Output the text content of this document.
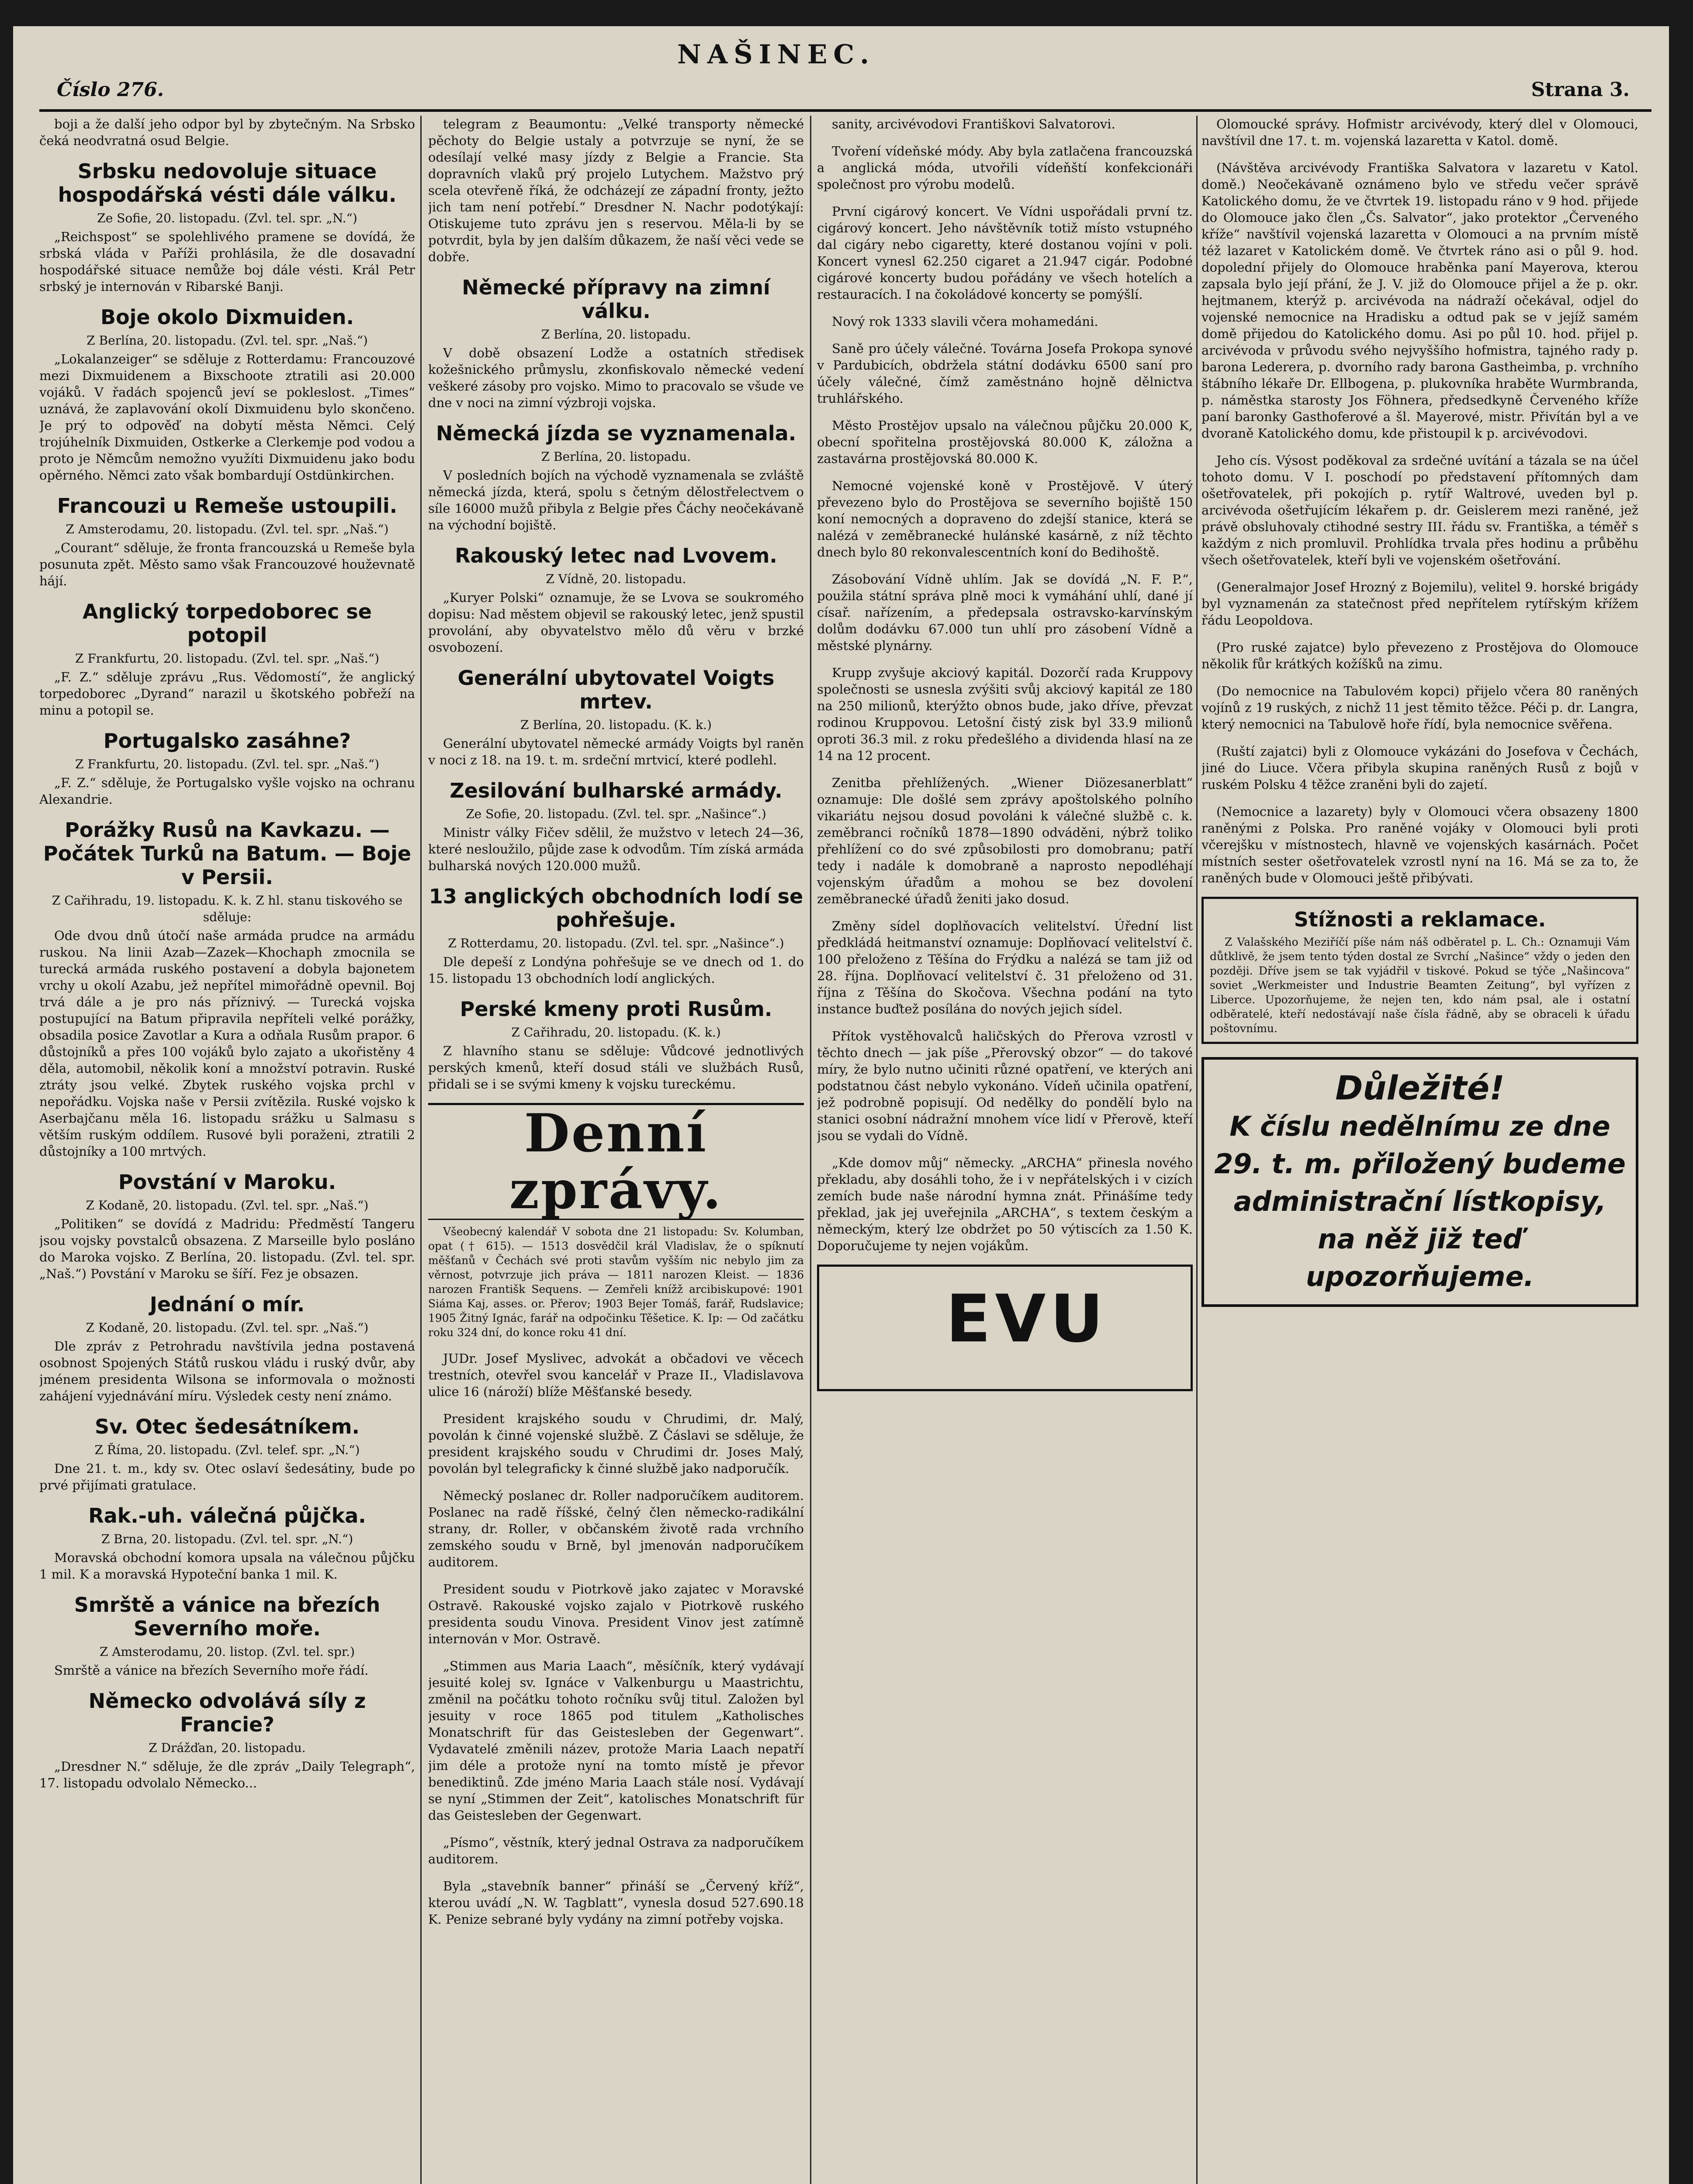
Číslo 276.
NAŠINEC.
Strana 3.

boji a že další jeho odpor byl by zbytečným. Na Srbsko čeká neodvratná osud Belgie.

Srbsku nedovoluje situace hospodářská vésti dále válku.
Ze Sofie, 20. listopadu. (Zvl. tel. spr. „N.“)

„Reichspost“ se spolehlivého pramene se dovídá, že srbská vláda v Paříži prohlásila, že dle dosavadní hospodářské situace nemůže boj dále vésti. Král Petr srbský je internován v Ribarské Banji.

Boje okolo Dixmuiden.
Z Berlína, 20. listopadu. (Zvl. tel. spr. „Naš.“)

„Lokalanzeiger“ se sděluje z Rotterdamu: Francouzové mezi Dixmuidenem a Bixschoote ztratili asi 20.000 vojáků. V řadách spojenců jeví se pokleslost. „Times“ uznává, že zaplavování okolí Dixmuidenu bylo skončeno. Je prý to odpověď na dobytí města Němci. Celý trojúhelník Dixmuiden, Ostkerke a Clerkemje pod vodou a proto je Němcům nemožno využíti Dixmuidenu jako bodu opěrného. Němci zato však bombardují Ostdünkirchen.

Francouzi u Remeše ustoupili.
Z Amsterodamu, 20. listopadu. (Zvl. tel. spr. „Naš.“)

„Courant“ sděluje, že fronta francouzská u Remeše byla posunuta zpět. Město samo však Francouzové houževnatě hájí.

Anglický torpedoborec se potopil
Z Frankfurtu, 20. listopadu. (Zvl. tel. spr. „Naš.“)

„F. Z.“ sděluje zprávu „Rus. Vědomostí“, že anglický torpedoborec „Dyrand“ narazil u škotského pobřeží na minu a potopil se.

Portugalsko zasáhne?
Z Frankfurtu, 20. listopadu. (Zvl. tel. spr. „Naš.“)

„F. Z.“ sděluje, že Portugalsko vyšle vojsko na ochranu Alexandrie.

Porážky Rusů na Kavkazu. — Počátek Turků na Batum. — Boje v Persii.
Z Cařihradu, 19. listopadu. K. k. Z hl. stanu tiskového se sděluje:

Ode dvou dnů útočí naše armáda prudce na armádu ruskou. Na linii Azab—Zazek—Khochaph zmocnila se turecká armáda ruského postavení a dobyla bajonetem vrchy u okolí Azabu, jež nepřítel mimořádně opevnil. Boj trvá dále a je pro nás příznivý. — Turecká vojska postupující na Batum připravila nepříteli velké porážky, obsadila posice Zavotlar a Kura a odňala Rusům prapor. 6 důstojníků a přes 100 vojáků bylo zajato a ukořistěny 4 děla, automobil, několik koní a množství potravin. Ruské ztráty jsou velké. Zbytek ruského vojska prchl v nepořádku. Vojska naše v Persii zvítězila. Ruské vojsko k Aserbajčanu měla 16. listopadu srážku u Salmasu s větším ruským oddílem. Rusové byli poraženi, ztratili 2 důstojníky a 100 mrtvých.

Povstání v Maroku.
Z Kodaně, 20. listopadu. (Zvl. tel. spr. „Naš.“)

„Politiken“ se dovídá z Madridu: Předměstí Tangeru jsou vojsky povstalců obsazena. Z Marseille bylo posláno do Maroka vojsko. Z Berlína, 20. listopadu. (Zvl. tel. spr. „Naš.“) Povstání v Maroku se šíří. Fez je obsazen.

Jednání o mír.
Z Kodaně, 20. listopadu. (Zvl. tel. spr. „Naš.“)

Dle zpráv z Petrohradu navštívila jedna postavená osobnost Spojených Států ruskou vládu i ruský dvůr, aby jménem presidenta Wilsona se informovala o možnosti zahájení vyjednávání míru. Výsledek cesty není známo.

Sv. Otec šedesátníkem.
Z Říma, 20. listopadu. (Zvl. telef. spr. „N.“)

Dne 21. t. m., kdy sv. Otec oslaví šedesátiny, bude po prvé přijímati gratulace.

Rak.-uh. válečná půjčka.
Z Brna, 20. listopadu. (Zvl. tel. spr. „N.“)

Moravská obchodní komora upsala na válečnou půjčku 1 mil. K a moravská Hypoteční banka 1 mil. K.

Smrště a vánice na březích Severního moře.
Z Amsterodamu, 20. listop. (Zvl. tel. spr.)

Smrště a vánice na březích Severního moře řádí.

Německo odvolává síly z Francie?
Z Drážďan, 20. listopadu.

„Dresdner N.“ sděluje, že dle zpráv „Daily Telegraph“, 17. listopadu odvolalo Německo...

telegram z Beaumontu: „Velké transporty německé pěchoty do Belgie ustaly a potvrzuje se nyní, že se odesílají velké masy jízdy z Belgie a Francie. Sta dopravních vlaků prý projelo Lutychem. Mažstvo prý scela otevřeně říká, že odcházejí ze západní fronty, ježto jich tam není potřebí.“ Dresdner N. Nachr podotýkají: Otiskujeme tuto zprávu jen s reservou. Měla-li by se potvrdit, byla by jen dalším důkazem, že naší věci vede se dobře.

Německé přípravy na zimní válku.
Z Berlína, 20. listopadu.

V době obsazení Lodže a ostatních středisek kožešnického průmyslu, zkonfiskovalo německé vedení veškeré zásoby pro vojsko. Mimo to pracovalo se všude ve dne v noci na zimní výzbroji vojska.

Německá jízda se vyznamenala.
Z Berlína, 20. listopadu.

V posledních bojích na východě vyznamenala se zvláště německá jízda, která, spolu s četným dělostřelectvem o síle 16000 mužů přibyla z Belgie přes Čáchy neočekávaně na východní bojiště.

Rakouský letec nad Lvovem.
Z Vídně, 20. listopadu.

„Kuryer Polski“ oznamuje, že se Lvova se soukromého dopisu: Nad městem objevil se rakouský letec, jenž spustil provolání, aby obyvatelstvo mělo dů věru v brzké osvobození.

Generální ubytovatel Voigts mrtev.
Z Berlína, 20. listopadu. (K. k.)

Generální ubytovatel německé armády Voigts byl raněn v noci z 18. na 19. t. m. srdeční mrtvicí, které podlehl.

Zesilování bulharské armády.
Ze Sofie, 20. listopadu. (Zvl. tel. spr. „Našince“.)

Ministr války Fičev sdělil, že mužstvo v letech 24—36, které nesloužilo, půjde zase k odvodům. Tím získá armáda bulharská nových 120.000 mužů.

13 anglických obchodních lodí se pohřešuje.
Z Rotterdamu, 20. listopadu. (Zvl. tel. spr. „Našince“.)

Dle depeší z Londýna pohřešuje se ve dnech od 1. do 15. listopadu 13 obchodních lodí anglických.

Perské kmeny proti Rusům.
Z Cařihradu, 20. listopadu. (K. k.)

Z hlavního stanu se sděluje: Vůdcové jednotlivých perských kmenů, kteří dosud stáli ve službách Rusů, přidali se i se svými kmeny k vojsku tureckému.

Denní zprávy.

Všeobecný kalendář V sobota dne 21 listopadu: Sv. Kolumban, opat († 615). — 1513 dosvědčil král Vladislav, že o spíknutí měšťanů v Čechách své proti stavům vyšším nic nebylo jim za věrnost, potvrzuje jich práva — 1811 narozen Kleist. — 1836 narozen Františk Sequens. — Zemřeli knížž arcibiskupové: 1901 Siáma Kaj, asses. or. Přerov; 1903 Bejer Tomáš, farář, Rudslavice; 1905 Žitný Ignác, farář na odpočinku Těšetice. K. Ip: — Od začátku roku 324 dní, do konce roku 41 dní.

JUDr. Josef Myslivec, advokát a občadovi ve věcech trestních, otevřel svou kancelář v Praze II., Vladislavova ulice 16 (nároží) blíže Měšťanské besedy.

President krajského soudu v Chrudimi, dr. Malý, povolán k činné vojenské službě. Z Čáslavi se sděluje, že president krajského soudu v Chrudimi dr. Joses Malý, povolán byl telegraficky k činné službě jako nadporučík.

Německý poslanec dr. Roller nadporučíkem auditorem. Poslanec na radě říšské, čelný člen německo-radikální strany, dr. Roller, v občanském životě rada vrchního zemského soudu v Brně, byl jmenován nadporučíkem auditorem.

President soudu v Piotrkově jako zajatec v Moravské Ostravě. Rakouské vojsko zajalo v Piotrkově ruského presidenta soudu Vinova. President Vinov jest zatímně internován v Mor. Ostravě.

„Stimmen aus Maria Laach“, měsíčník, který vydávají jesuité kolej sv. Ignáce v Valkenburgu u Maastrichtu, změnil na počátku tohoto ročníku svůj titul. Založen byl jesuity v roce 1865 pod titulem „Katholisches Monatschrift für das Geistesleben der Gegenwart“. Vydavatelé změnili název, protože Maria Laach nepatří jim déle a protože nyní na tomto místě je převor benediktinů. Zde jméno Maria Laach stále nosí. Vydávají se nyní „Stimmen der Zeit“, katolisches Monatschrift für das Geistesleben der Gegenwart.

„Písmo“, věstník, který jednal Ostrava za nadporučíkem auditorem.

Byla „stavebník banner“ přináší se „Červený kříž“, kterou uvádí „N. W. Tagblatt“, vynesla dosud 527.690.18 K. Penize sebrané byly vydány na zimní potřeby vojska.

sanity, arcivévodovi Františkovi Salvatorovi.

Tvoření vídeňské módy. Aby byla zatlačena francouzská a anglická móda, utvořili vídeňští konfekcionáři společnost pro výrobu modelů.

První cigárový koncert. Ve Vídni uspořádali první tz. cigárový koncert. Jeho návštěvník totiž místo vstupného dal cigáry nebo cigaretty, které dostanou vojíni v poli. Koncert vynesl 62.250 cigaret a 21.947 cigár. Podobné cigárové koncerty budou pořádány ve všech hotelích a restauracích. I na čokoládové koncerty se pomýšlí.

Nový rok 1333 slavili včera mohamedáni.

Saně pro účely válečné. Továrna Josefa Prokopa synové v Pardubicích, obdržela státní dodávku 6500 saní pro účely válečné, čímž zaměstnáno hojně dělnictva truhlářského.

Město Prostějov upsalo na válečnou půjčku 20.000 K, obecní spořitelna prostějovská 80.000 K, záložna a zastavárna prostějovská 80.000 K.

Nemocné vojenské koně v Prostějově. V úterý převezeno bylo do Prostějova se severního bojiště 150 koní nemocných a dopraveno do zdejší stanice, která se nalézá v zeměbranecké hulánské kasárně, z níž těchto dnech bylo 80 rekonvalescentních koní do Bedihoště.

Zásobování Vídně uhlím. Jak se dovídá „N. F. P.“, použila státní správa plně moci k vymáhání uhlí, dané jí císař. nařízením, a předepsala ostravsko-karvínským dolům dodávku 67.000 tun uhlí pro zásobení Vídně a městské plynárny.

Krupp zvyšuje akciový kapitál. Dozorčí rada Kruppovy společnosti se usnesla zvýšiti svůj akciový kapitál ze 180 na 250 milionů, kterýžto obnos bude, jako dříve, převzat rodinou Kruppovou. Letošní čistý zisk byl 33.9 milionů oproti 36.3 mil. z roku předešlého a dividenda hlasí na ze 14 na 12 procent.

Zenitba přehlížených. „Wiener Diözesanerblatt“ oznamuje: Dle došlé sem zprávy apoštolského polního vikariátu nejsou dosud povoláni k válečné službě c. k. zeměbranci ročníků 1878—1890 odváděni, nýbrž toliko přehlížení co do své způsobilosti pro domobranu; patří tedy i nadále k domobraně a naprosto nepodléhají vojenským úřadům a mohou se bez dovolení zeměbranecké úřadů ženiti jako dosud.

Změny sídel doplňovacích velitelství. Úřední list předkládá heitmanství oznamuje: Doplňovací velitelství č. 100 přeloženo z Těšína do Frýdku a nalézá se tam již od 28. října. Doplňovací velitelství č. 31 přeloženo od 31. října z Těšína do Skočova. Všechna podání na tyto instance buďtež posílána do nových jejich sídel.

Přítok vystěhovalců haličských do Přerova vzrostl v těchto dnech — jak píše „Přerovský obzor“ — do takové míry, že bylo nutno učiniti různé opatření, ve kterých ani podstatnou část nebylo vykonáno. Vídeň učinila opatření, jež podrobně popisují. Od nedělky do pondělí bylo na stanici osobní nádražní mnohem více lidí v Přerově, kteří jsou se vydali do Vídně.

„Kde domov můj“ německy. „ARCHA“ přinesla nového překladu, aby dosáhli toho, že i v nepřátelských i v cizích zemích bude naše národní hymna znát. Přinášíme tedy překlad, jak jej uveřejnila „ARCHA“, s textem českým a německým, který lze obdržet po 50 výtiscích za 1.50 K. Doporučujeme ty nejen vojákům.

EVU

Olomoucké správy. Hofmistr arcivévody, který dlel v Olomouci, navštívil dne 17. t. m. vojenská lazaretta v Katol. domě.

(Návštěva arcivévody Františka Salvatora v lazaretu v Katol. domě.) Neočekávaně oznámeno bylo ve středu večer správě Katolického domu, že ve čtvrtek 19. listopadu ráno v 9 hod. přijede do Olomouce jako člen „Čs. Salvator“, jako protektor „Červeného kříže“ navštívil vojenská lazaretta v Olomouci a na prvním místě též lazaret v Katolickém domě. Ve čtvrtek ráno asi o půl 9. hod. dopolední přijely do Olomouce hraběnka paní Mayerova, kterou zapsala bylo její přání, že J. V. již do Olomouce přijel a že p. okr. hejtmanem, kterýž p. arcivévoda na nádraží očekával, odjel do vojenské nemocnice na Hradisku a odtud pak se v jejíž samém domě přijedou do Katolického domu. Asi po půl 10. hod. přijel p. arcivévoda v průvodu svého nejvyššího hofmistra, tajného rady p. barona Lederera, p. dvorního rady barona Gastheimba, p. vrchního štábního lékaře Dr. Ellbogena, p. plukovníka hraběte Wurmbranda, p. náměstka starosty Jos Föhnera, předsedkyně Červeného kříže paní baronky Gasthoferové a šl. Mayerové, mistr. Přivítán byl a ve dvoraně Katolického domu, kde přistoupil k p. arcivévodovi.

Jeho cís. Výsost poděkoval za srdečné uvítání a tázala se na účel tohoto domu. V I. poschodí po představení přítomných dam ošetřovatelek, při pokojích p. rytíř Waltrové, uveden byl p. arcivévoda ošetřujícím lékařem p. dr. Geislerem mezi raněné, jež právě obsluhovaly ctihodné sestry III. řádu sv. Františka, a téměř s každým z nich promluvil. Prohlídka trvala přes hodinu a průběhu všech ošetřovatelek, kteří byli ve vojenském ošetřování.

(Generalmajor Josef Hrozný z Bojemilu), velitel 9. horské brigády byl vyznamenán za statečnost před nepřítelem rytířským křížem řádu Leopoldova.

(Pro ruské zajatce) bylo převezeno z Prostějova do Olomouce několik fůr krátkých kožíšků na zimu.

(Do nemocnice na Tabulovém kopci) přijelo včera 80 raněných vojínů z 19 ruských, z nichž 11 jest těmito těžce. Péči p. dr. Langra, který nemocnici na Tabulově hoře řídí, byla nemocnice svěřena.

(Ruští zajatci) byli z Olomouce vykázáni do Josefova v Čechách, jiné do Liuce. Včera přibyla skupina raněných Rusů z bojů v ruském Polsku 4 těžce zraněni byli do zajetí.

(Nemocnice a lazarety) byly v Olomouci včera obsazeny 1800 raněnými z Polska. Pro raněné vojáky v Olomouci byli proti včerejšku v místnostech, hlavně ve vojenských kasárnách. Počet místních sester ošetřovatelek vzrostl nyní na 16. Má se za to, že raněných bude v Olomouci ještě přibývati.

Stížnosti a reklamace.

Z Valašského Meziříčí píše nám náš odběratel p. L. Ch.: Oznamuji Vám důtklivě, že jsem tento týden dostal ze Svrchí „Našince“ vždy o jeden den později. Dříve jsem se tak vyjádřil v tiskové. Pokud se týče „Našincova“ soviet „Werkmeister und Industrie Beamten Zeitung“, byl vyřízen z Liberce. Upozorňujeme, že nejen ten, kdo nám psal, ale i ostatní odběratelé, kteří nedostávají naše čísla řádně, aby se obraceli k úřadu poštovnímu.

Důležité!
K číslu nedělnímu ze dne 29. t. m. přiložený budeme administrační lístkopisy, na něž již teď upozorňujeme.
